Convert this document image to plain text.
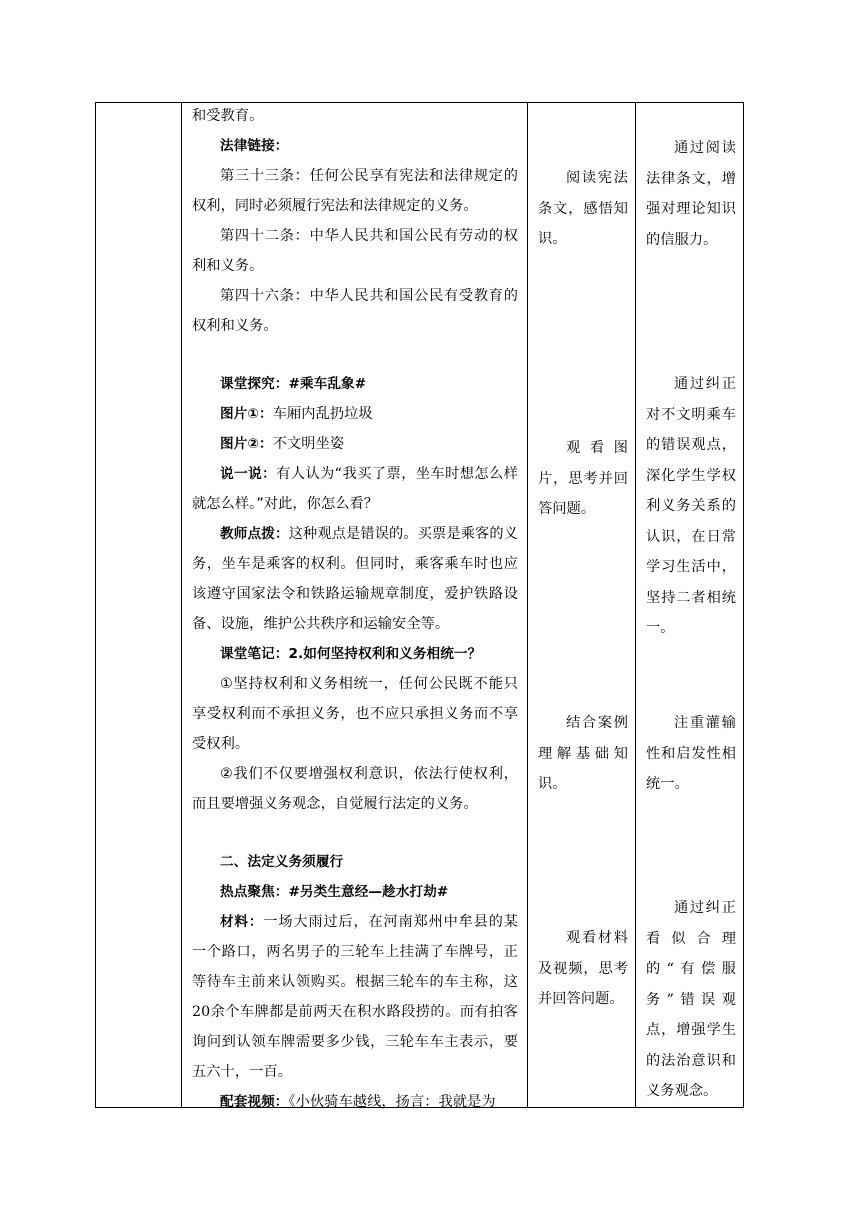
和受教育。
法律链接：
第三十三条：任何公民享有宪法和法律规定的权利，同时必须履行宪法和法律规定的义务。
第四十二条：中华人民共和国公民有劳动的权利和义务。
第四十六条：中华人民共和国公民有受教育的权利和义务。
课堂探究：#乘车乱象#
图片①：车厢内乱扔垃圾
图片②：不文明坐姿
说一说：有人认为“我买了票，坐车时想怎么样就怎么样。”对此，你怎么看？
教师点拨：这种观点是错误的。买票是乘客的义务，坐车是乘客的权利。但同时，乘客乘车时也应该遵守国家法令和铁路运输规章制度，爱护铁路设备、设施，维护公共秩序和运输安全等。
课堂笔记：2.如何坚持权利和义务相统一？
①坚持权利和义务相统一，任何公民既不能只享受权利而不承担义务，也不应只承担义务而不享受权利。
②我们不仅要增强权利意识，依法行使权利，而且要增强义务观念，自觉履行法定的义务。
二、法定义务须履行
热点聚焦：#另类生意经—趁水打劫#
材料：一场大雨过后，在河南郑州中牟县的某一个路口，两名男子的三轮车上挂满了车牌号，正等待车主前来认领购买。根据三轮车的车主称，这20余个车牌都是前两天在积水路段捞的。而有拍客询问到认领车牌需要多少钱，三轮车车主表示，要五六十，一百。
配套视频：《小伙骑车越线，扬言：我就是为
阅读宪法条文，感悟知识。
观看图片，思考并回答问题。
结合案例理解基础知识。
观看材料及视频，思考并回答问题。
通过阅读法律条文，增强对理论知识的信服力。
通过纠正对不文明乘车的错误观点，深化学生学权利义务关系的认识，在日常学习生活中，坚持二者相统一。
注重灌输性和启发性相统一。
通过纠正看似合理的“有偿服务”错误观点，增强学生的法治意识和义务观念。
